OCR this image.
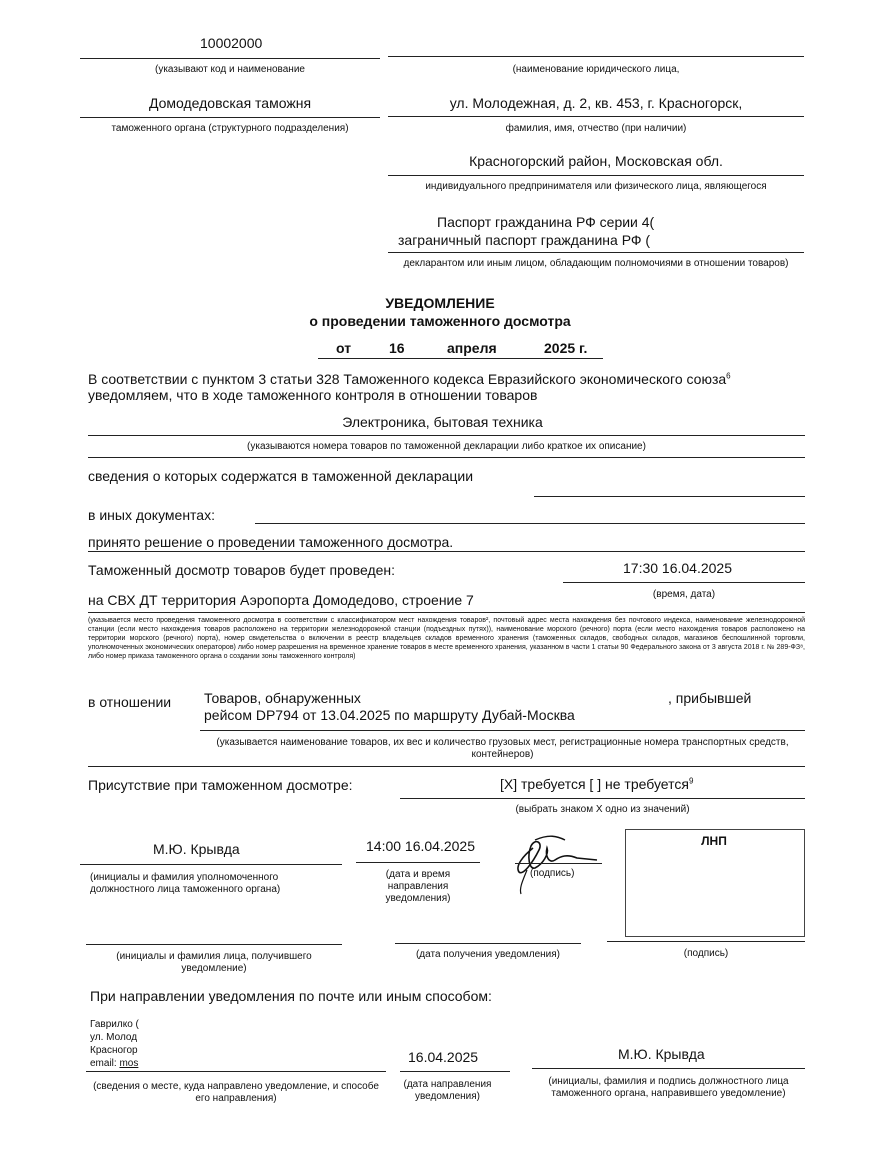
10002000
(указывают код и наименование	(наименование юридического лица,
Домодедовская таможня
таможенного органа (структурного подразделения)
ул. Молодежная, д. 2, кв. 453, г. Красногорск,
фамилия, имя, отчество (при наличии)
Красногорский район, Московская обл.
индивидуального предпринимателя или физического лица, являющегося
Паспорт гражданина РФ серии 4(
заграничный паспорт гражданина РФ (
декларантом или иным лицом, обладающим полномочиями в отношении товаров)
УВЕДОМЛЕНИЕ
о проведении таможенного досмотра
от	16	апреля	2025 г.
В соответствии с пунктом 3 статьи 328 Таможенного кодекса Евразийского экономического союза$^6$
уведомляем, что в ходе таможенного контроля в отношении товаров
Электроника, бытовая техника
(указываются номера товаров по таможенной декларации либо краткое их описание)
сведения о которых содержатся в таможенной декларации
в иных документах:
принято решение о проведении таможенного досмотра.
Таможенный досмотр товаров будет проведен:	17:30 16.04.2025
(время, дата)
на СВХ ДТ территория Аэропорта Домодедово, строение 7
(указывается место проведения таможенного досмотра в соответствии с классификатором мест нахождения товаров², почтовый адрес места нахождения без почтового индекса, наименование железнодорожной станции (если место нахождения товаров расположено на территории железнодорожной станции (подъездных путях)), наименование морского (речного) порта (если место нахождения товаров расположено на территории морского (речного) порта), номер свидетельства о включении в реестр владельцев складов временного хранения (таможенных складов, свободных складов, магазинов беспошлинной торговли, уполномоченных экономических операторов) либо номер разрешения на временное хранение товаров в месте временного хранения, указанном в части 1 статьи 90 Федерального закона от 3 августа 2018 г. № 289-ФЗ⁸, либо номер приказа таможенного органа о создании зоны таможенного контроля)
в отношении Товаров, обнаруженных	, прибывшей
рейсом DP794 от 13.04.2025 по маршруту Дубай-Москва
(указывается наименование товаров, их вес и количество грузовых мест, регистрационные номера транспортных средств, контейнеров)
Присутствие при таможенном досмотре:	[X] требуется [ ] не требуется$^9$
(выбрать знаком X одно из значений)
М.Ю. Крывда
(инициалы и фамилия уполномоченного должностного лица таможенного органа)
14:00 16.04.2025
(дата и время направления уведомления)
(подпись)
ЛНП
(инициалы и фамилия лица, получившего уведомление)
(дата получения уведомления)	(подпись)
При направлении уведомления по почте или иным способом:
Гаврилко (
ул. Молод
Красногор
email: mos	16.04.2025	М.Ю. Крывда
(сведения о месте, куда направлено уведомление, и способе его направления)
(дата направления уведомления)
(инициалы, фамилия и подпись должностного лица таможенного органа, направившего уведомление)
